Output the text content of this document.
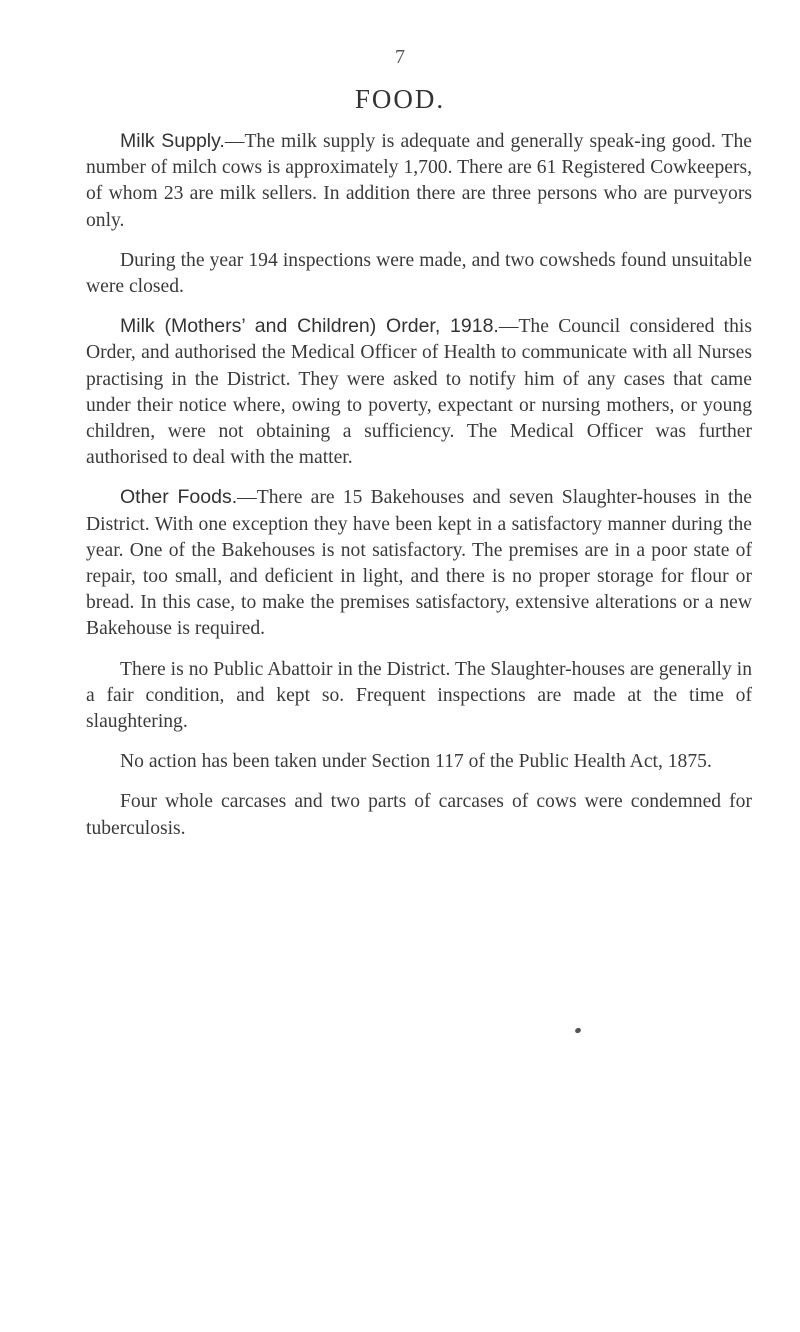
7
FOOD.

Milk Supply.—The milk supply is adequate and generally speak-ing good. The number of milch cows is approximately 1,700. There are 61 Registered Cowkeepers, of whom 23 are milk sellers. In addition there are three persons who are purveyors only.

During the year 194 inspections were made, and two cowsheds found unsuitable were closed.

Milk (Mothers’ and Children) Order, 1918.—The Council considered this Order, and authorised the Medical Officer of Health to communicate with all Nurses practising in the District. They were asked to notify him of any cases that came under their notice where, owing to poverty, expectant or nursing mothers, or young children, were not obtaining a sufficiency. The Medical Officer was further authorised to deal with the matter.

Other Foods.—There are 15 Bakehouses and seven Slaughter-houses in the District. With one exception they have been kept in a satisfactory manner during the year. One of the Bakehouses is not satisfactory. The premises are in a poor state of repair, too small, and deficient in light, and there is no proper storage for flour or bread. In this case, to make the premises satisfactory, extensive alterations or a new Bakehouse is required.

There is no Public Abattoir in the District. The Slaughter-houses are generally in a fair condition, and kept so. Frequent inspections are made at the time of slaughtering.

No action has been taken under Section 117 of the Public Health Act, 1875.

Four whole carcases and two parts of carcases of cows were condemned for tuberculosis.
